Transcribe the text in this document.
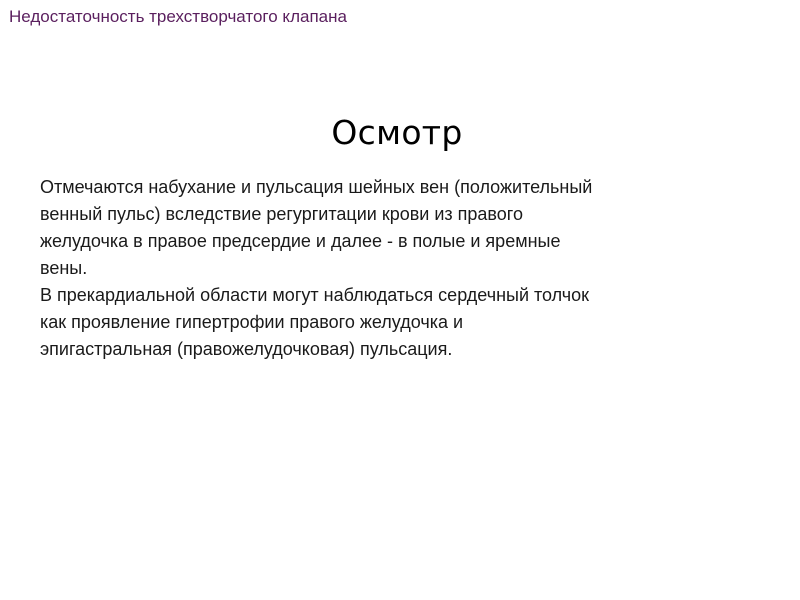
Недостаточность трехстворчатого клапана
Осмотр
Отмечаются набухание и пульсация шейных вен (положительный
венный пульс) вследствие регургитации крови из правого
желудочка в правое предсердие и далее - в полые и яремные
вены.
В прекардиальной области могут наблюдаться сердечный толчок
как проявление гипертрофии правого желудочка и
эпигастральная (правожелудочковая) пульсация.
